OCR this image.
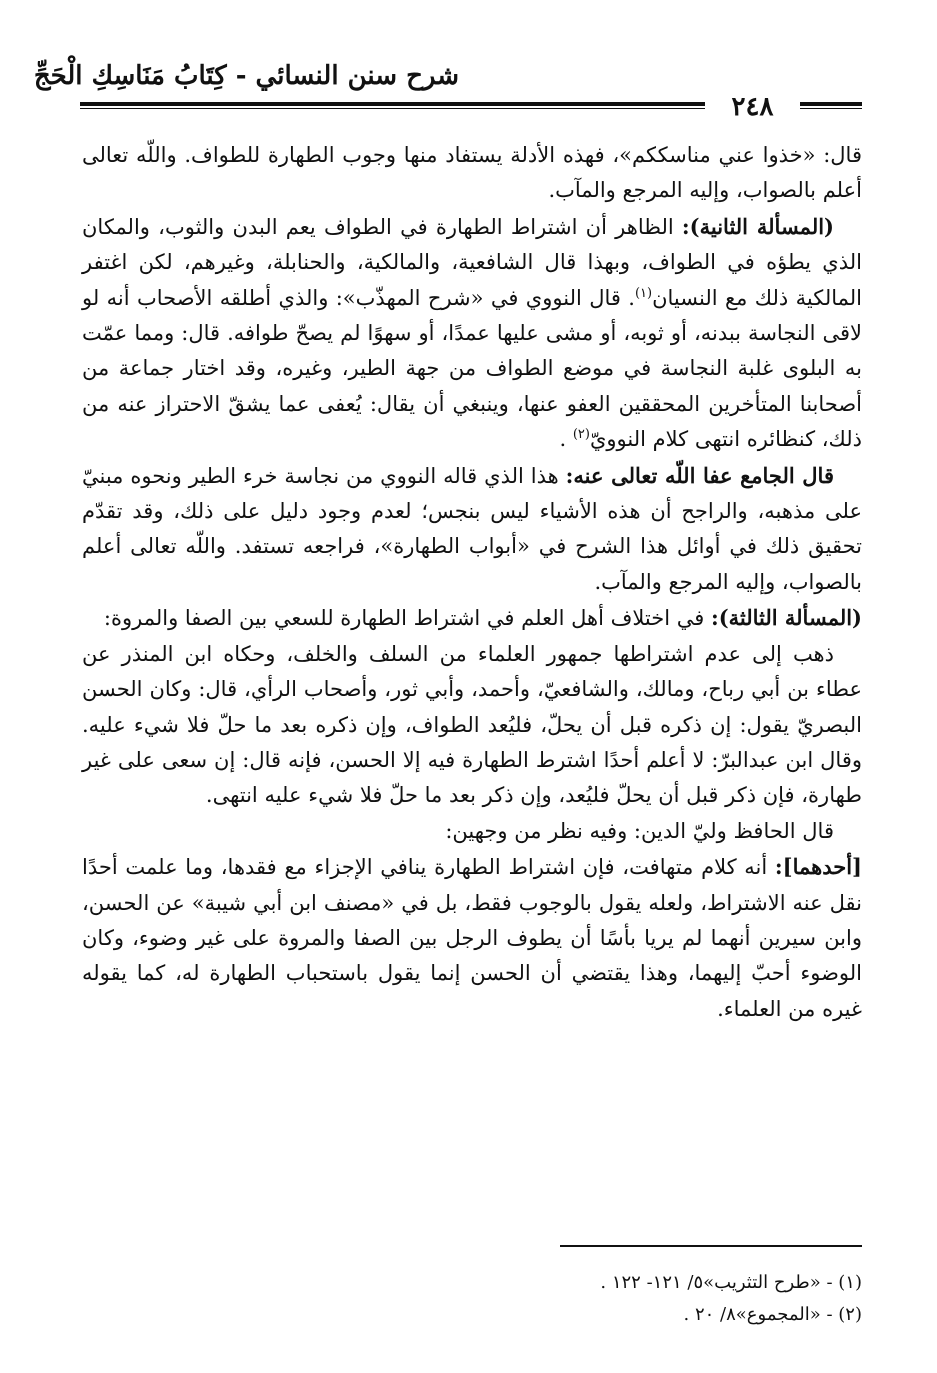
شرح سنن النسائي - كِتَابُ مَنَاسِكِ الْحَجِّ
٢٤٨

قال: «خذوا عني مناسككم»، فهذه الأدلة يستفاد منها وجوب الطهارة للطواف. واللّه تعالى أعلم بالصواب، وإليه المرجع والمآب.

(المسألة الثانية): الظاهر أن اشتراط الطهارة في الطواف يعم البدن والثوب، والمكان الذي يطؤه في الطواف، وبهذا قال الشافعية، والمالكية، والحنابلة، وغيرهم، لكن اغتفر المالكية ذلك مع النسيان$^{(١)}$. قال النووي في «شرح المهذّب»: والذي أطلقه الأصحاب أنه لو لاقى النجاسة ببدنه، أو ثوبه، أو مشى عليها عمدًا، أو سهوًا لم يصحّ طوافه. قال: ومما عمّت به البلوى غلبة النجاسة في موضع الطواف من جهة الطير، وغيره، وقد اختار جماعة من أصحابنا المتأخرين المحققين العفو عنها، وينبغي أن يقال: يُعفى عما يشقّ الاحتراز عنه من ذلك، كنظائره انتهى كلام النوويّ$^{(٢)}$ .

قال الجامع عفا اللّه تعالى عنه: هذا الذي قاله النووي من نجاسة خرء الطير ونحوه مبنيّ على مذهبه، والراجح أن هذه الأشياء ليس بنجس؛ لعدم وجود دليل على ذلك، وقد تقدّم تحقيق ذلك في أوائل هذا الشرح في «أبواب الطهارة»، فراجعه تستفد. واللّه تعالى أعلم بالصواب، وإليه المرجع والمآب.

(المسألة الثالثة): في اختلاف أهل العلم في اشتراط الطهارة للسعي بين الصفا والمروة:

ذهب إلى عدم اشتراطها جمهور العلماء من السلف والخلف، وحكاه ابن المنذر عن عطاء بن أبي رباح، ومالك، والشافعيّ، وأحمد، وأبي ثور، وأصحاب الرأي، قال: وكان الحسن البصريّ يقول: إن ذكره قبل أن يحلّ، فليُعد الطواف، وإن ذكره بعد ما حلّ فلا شيء عليه. وقال ابن عبدالبرّ: لا أعلم أحدًا اشترط الطهارة فيه إلا الحسن، فإنه قال: إن سعى على غير طهارة، فإن ذكر قبل أن يحلّ فليُعد، وإن ذكر بعد ما حلّ فلا شيء عليه انتهى.

قال الحافظ وليّ الدين: وفيه نظر من وجهين:

[أحدهما]: أنه كلام متهافت، فإن اشتراط الطهارة ينافي الإجزاء مع فقدها، وما علمت أحدًا نقل عنه الاشتراط، ولعله يقول بالوجوب فقط، بل في «مصنف ابن أبي شيبة» عن الحسن، وابن سيرين أنهما لم يريا بأسًا أن يطوف الرجل بين الصفا والمروة على غير وضوء، وكان الوضوء أحبّ إليهما، وهذا يقتضي أن الحسن إنما يقول باستحباب الطهارة له، كما يقوله غيره من العلماء.

(١) - «طرح التثريب»٥/ ١٢١- ١٢٢ .

(٢) - «المجموع»٨/ ٢٠ .
